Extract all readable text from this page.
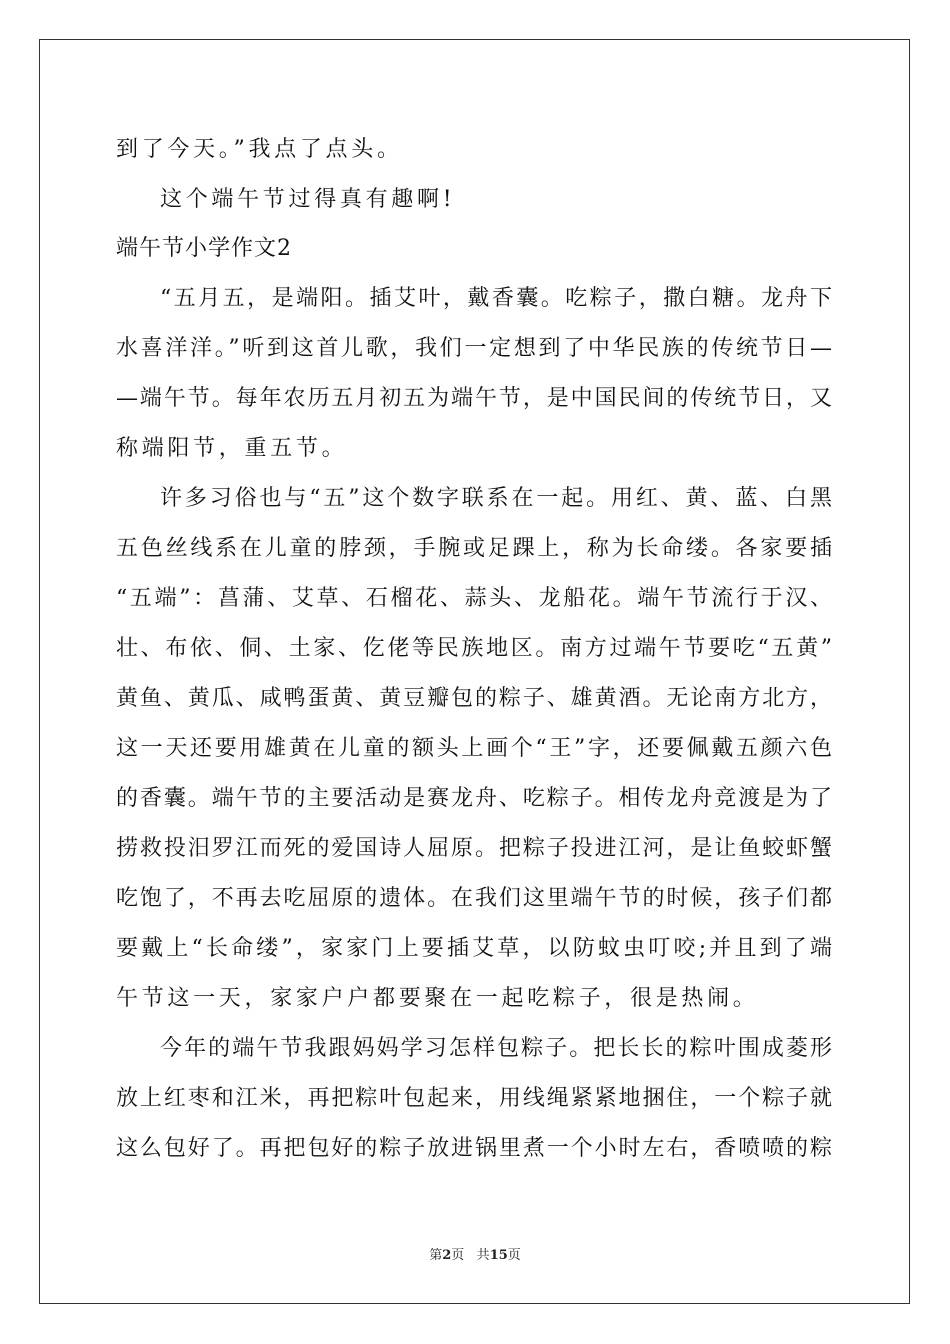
到了今天。”我点了点头。
这个端午节过得真有趣啊!
端午节小学作文2
“五月五，是端阳。插艾叶，戴香囊。吃粽子，撒白糖。龙舟下
水喜洋洋。”听到这首儿歌，我们一定想到了中华民族的传统节日—
—端午节。每年农历五月初五为端午节，是中国民间的传统节日，又
称端阳节，重五节。
许多习俗也与“五”这个数字联系在一起。用红、黄、蓝、白黑
五色丝线系在儿童的脖颈，手腕或足踝上，称为长命缕。各家要插
“五端”：菖蒲、艾草、石榴花、蒜头、龙船花。端午节流行于汉、
壮、布依、侗、土家、仡佬等民族地区。南方过端午节要吃“五黄”
黄鱼、黄瓜、咸鸭蛋黄、黄豆瓣包的粽子、雄黄酒。无论南方北方，
这一天还要用雄黄在儿童的额头上画个“王”字，还要佩戴五颜六色
的香囊。端午节的主要活动是赛龙舟、吃粽子。相传龙舟竞渡是为了
捞救投汨罗江而死的爱国诗人屈原。把粽子投进江河，是让鱼蛟虾蟹
吃饱了，不再去吃屈原的遗体。在我们这里端午节的时候，孩子们都
要戴上“长命缕”，家家门上要插艾草，以防蚊虫叮咬;并且到了端
午节这一天，家家户户都要聚在一起吃粽子，很是热闹。
今年的端午节我跟妈妈学习怎样包粽子。把长长的粽叶围成菱形
放上红枣和江米，再把粽叶包起来，用线绳紧紧地捆住，一个粽子就
这么包好了。再把包好的粽子放进锅里煮一个小时左右，香喷喷的粽
第2页 共15页
